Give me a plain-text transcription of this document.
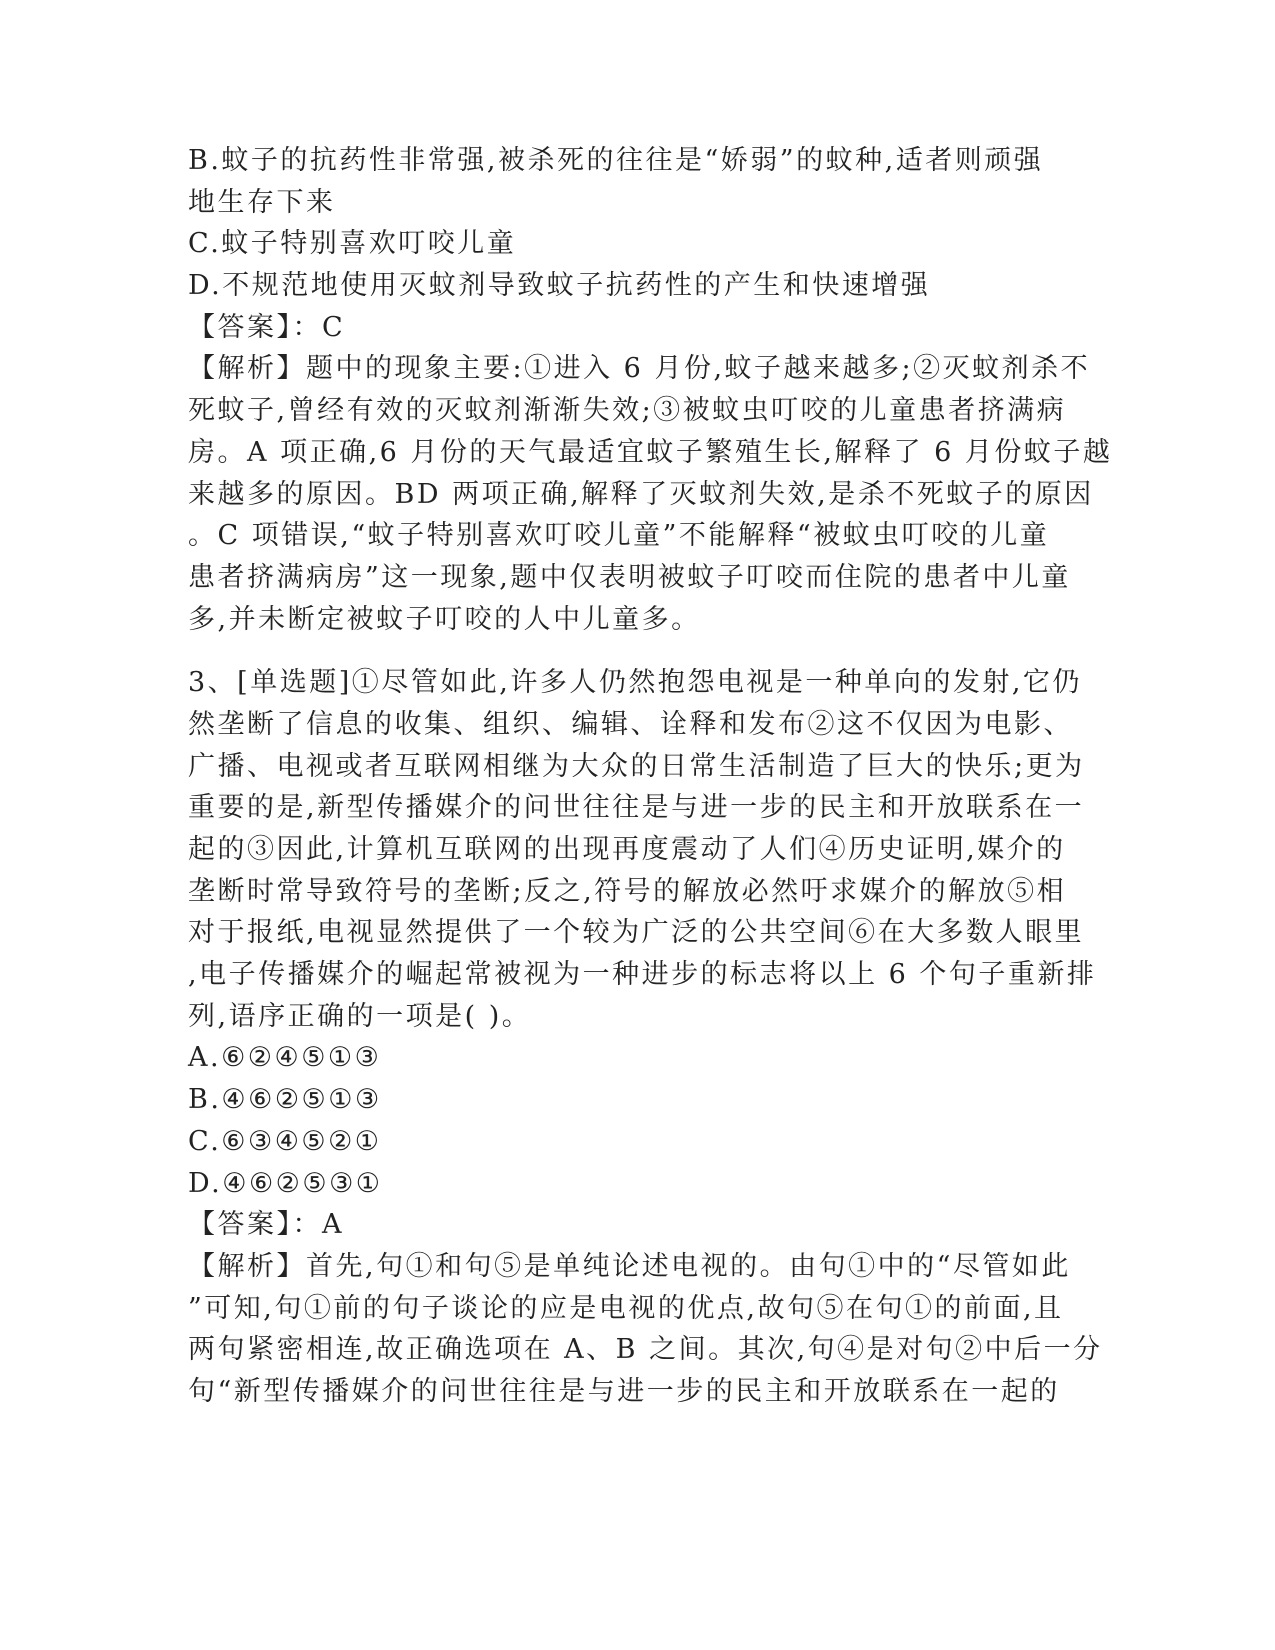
B.蚊子的抗药性非常强,被杀死的往往是“娇弱”的蚊种,适者则顽强
地生存下来
C.蚊子特别喜欢叮咬儿童
D.不规范地使用灭蚊剂导致蚊子抗药性的产生和快速增强
【答案】：C
【解析】题中的现象主要:①进入 6 月份,蚊子越来越多;②灭蚊剂杀不
死蚊子,曾经有效的灭蚊剂渐渐失效;③被蚊虫叮咬的儿童患者挤满病
房。A 项正确,6 月份的天气最适宜蚊子繁殖生长,解释了 6 月份蚊子越
来越多的原因。BD 两项正确,解释了灭蚊剂失效,是杀不死蚊子的原因
。C 项错误,“蚊子特别喜欢叮咬儿童”不能解释“被蚊虫叮咬的儿童
患者挤满病房”这一现象,题中仅表明被蚊子叮咬而住院的患者中儿童
多,并未断定被蚊子叮咬的人中儿童多。
3、[单选题]①尽管如此,许多人仍然抱怨电视是一种单向的发射,它仍
然垄断了信息的收集、组织、编辑、诠释和发布②这不仅因为电影、
广播、电视或者互联网相继为大众的日常生活制造了巨大的快乐;更为
重要的是,新型传播媒介的问世往往是与进一步的民主和开放联系在一
起的③因此,计算机互联网的出现再度震动了人们④历史证明,媒介的
垄断时常导致符号的垄断;反之,符号的解放必然吁求媒介的解放⑤相
对于报纸,电视显然提供了一个较为广泛的公共空间⑥在大多数人眼里
,电子传播媒介的崛起常被视为一种进步的标志将以上 6 个句子重新排
列,语序正确的一项是( )。
A.⑥②④⑤①③
B.④⑥②⑤①③
C.⑥③④⑤②①
D.④⑥②⑤③①
【答案】：A
【解析】首先,句①和句⑤是单纯论述电视的。由句①中的“尽管如此
”可知,句①前的句子谈论的应是电视的优点,故句⑤在句①的前面,且
两句紧密相连,故正确选项在 A、B 之间。其次,句④是对句②中后一分
句“新型传播媒介的问世往往是与进一步的民主和开放联系在一起的
